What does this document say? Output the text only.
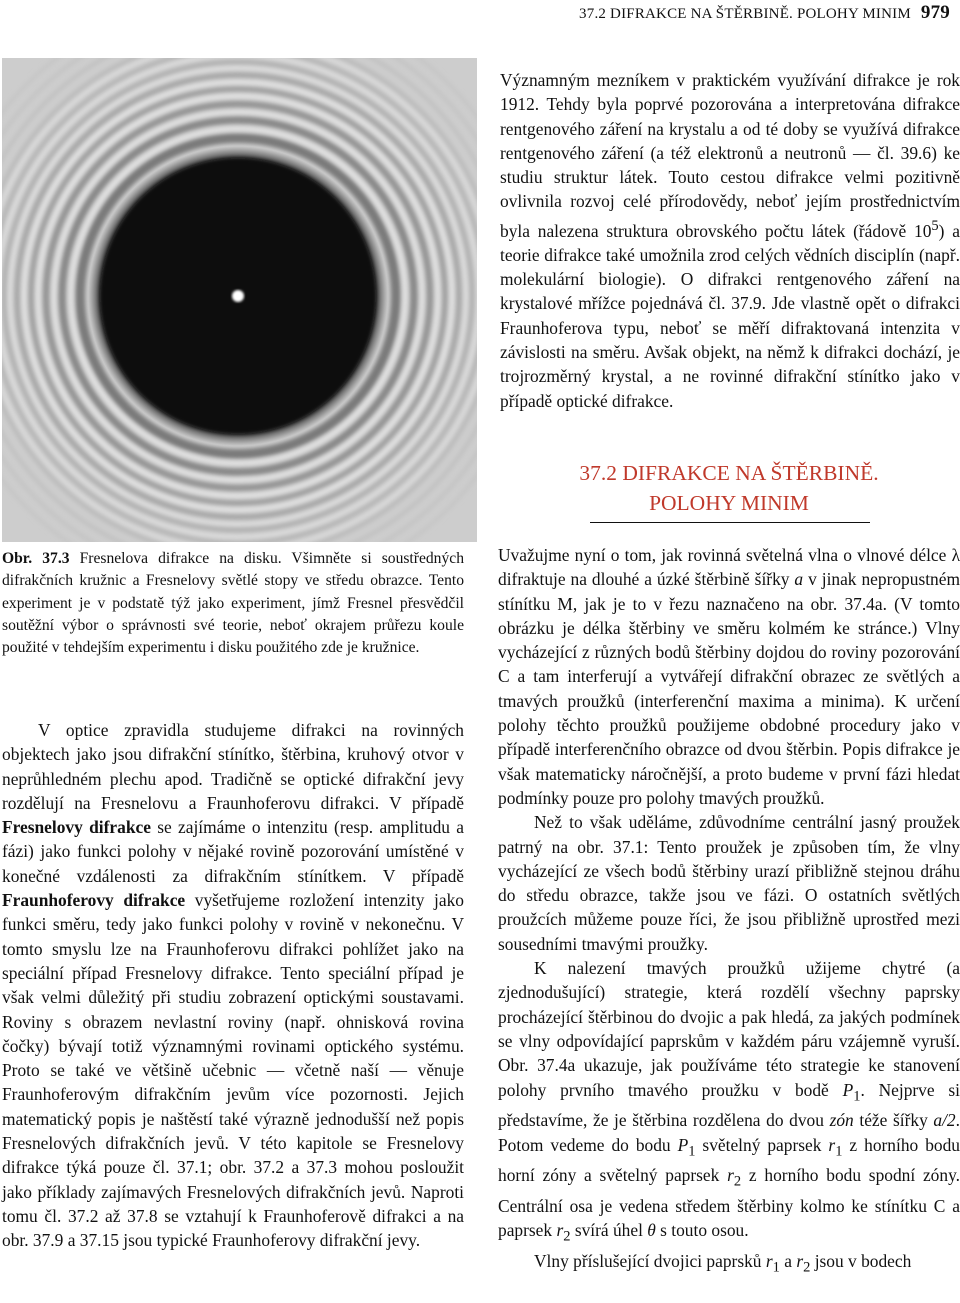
37.2 DIFRAKCE NA ŠTĚRBINĚ. POLOHY MINIM 979
Obr. 37.3 Fresnelova difrakce na disku. Všimněte si soustředných difrakčních kružnic a Fresnelovy světlé stopy ve středu obrazce. Tento experiment je v podstatě týž jako experiment, jímž Fresnel přesvědčil soutěžní výbor o správnosti své teorie, neboť okrajem průřezu koule použité v tehdejším experimentu i disku použitého zde je kružnice.

V optice zpravidla studujeme difrakci na rovinných objektech jako jsou difrakční stínítko, štěrbina, kruhový otvor v neprůhledném plechu apod. Tradičně se optické difrakční jevy rozdělují na Fresnelovu a Fraunhoferovu difrakci. V případě Fresnelovy difrakce se zajímáme o intenzitu (resp. amplitudu a fázi) jako funkci polohy v nějaké rovině pozorování umístěné v konečné vzdálenosti za difrakčním stínítkem. V případě Fraunhoferovy difrakce vyšetřujeme rozložení intenzity jako funkci směru, tedy jako funkci polohy v rovině v nekonečnu. V tomto smyslu lze na Fraunhoferovu difrakci pohlížet jako na speciální případ Fresnelovy difrakce. Tento speciální případ je však velmi důležitý při studiu zobrazení optickými soustavami. Roviny s obrazem nevlastní roviny (např. ohnisková rovina čočky) bývají totiž významnými rovinami optického systému. Proto se také ve většině učebnic — včetně naší — věnuje Fraunhoferovým difrakčním jevům více pozornosti. Jejich matematický popis je naštěstí také výrazně jednodušší než popis Fresnelových difrakčních jevů. V této kapitole se Fresnelovy difrakce týká pouze čl. 37.1; obr. 37.2 a 37.3 mohou posloužit jako příklady zajímavých Fresnelových difrakčních jevů. Naproti tomu čl. 37.2 až 37.8 se vztahují k Fraunhoferově difrakci a na obr. 37.9 a 37.15 jsou typické Fraunhoferovy difrakční jevy.

Významným mezníkem v praktickém využívání difrakce je rok 1912. Tehdy byla poprvé pozorována a interpretována difrakce rentgenového záření na krystalu a od té doby se využívá difrakce rentgenového záření (a též elektronů a neutronů — čl. 39.6) ke studiu struktur látek. Touto cestou difrakce velmi pozitivně ovlivnila rozvoj celé přírodovědy, neboť jejím prostřednictvím byla nalezena struktura obrovského počtu látek (řádově $10^5$) a teorie difrakce také umožnila zrod celých vědních disciplín (např. molekulární biologie). O difrakci rentgenového záření na krystalové mřížce pojednává čl. 37.9. Jde vlastně opět o difrakci Fraunhoferova typu, neboť se měří difraktovaná intenzita v závislosti na směru. Avšak objekt, na němž k difrakci dochází, je trojrozměrný krystal, a ne rovinné difrakční stínítko jako v případě optické difrakce.

37.2 DIFRAKCE NA ŠTĚRBINĚ.
POLOHY MINIM

Uvažujme nyní o tom, jak rovinná světelná vlna o vlnové délce λ difraktuje na dlouhé a úzké štěrbině šířky a v jinak nepropustném stínítku M, jak je to v řezu naznačeno na obr. 37.4a. (V tomto obrázku je délka štěrbiny ve směru kolmém ke stránce.) Vlny vycházející z různých bodů štěrbiny dojdou do roviny pozorování C a tam interferují a vytvářejí difrakční obrazec ze světlých a tmavých proužků (interferenční maxima a minima). K určení polohy těchto proužků použijeme obdobné procedury jako v případě interferenčního obrazce od dvou štěrbin. Popis difrakce je však matematicky náročnější, a proto budeme v první fázi hledat podmínky pouze pro polohy tmavých proužků.

Než to však uděláme, zdůvodníme centrální jasný proužek patrný na obr. 37.1: Tento proužek je způsoben tím, že vlny vycházející ze všech bodů štěrbiny urazí přibližně stejnou dráhu do středu obrazce, takže jsou ve fázi. O ostatních světlých proužcích můžeme pouze říci, že jsou přibližně uprostřed mezi sousedními tmavými proužky.

K nalezení tmavých proužků užijeme chytré (a zjednodušující) strategie, která rozdělí všechny paprsky procházející štěrbinou do dvojic a pak hledá, za jakých podmínek se vlny odpovídající paprskům v každém páru vzájemně vyruší. Obr. 37.4a ukazuje, jak používáme této strategie ke stanovení polohy prvního tmavého proužku v bodě $P_1$. Nejprve si představíme, že je štěrbina rozdělena do dvou zón téže šířky a/2. Potom vedeme do bodu $P_1$ světelný paprsek $r_1$ z horního bodu horní zóny a světelný paprsek $r_2$ z horního bodu spodní zóny. Centrální osa je vedena středem štěrbiny kolmo ke stínítku C a paprsek $r_2$ svírá úhel θ s touto osou.

Vlny příslušející dvojici paprsků $r_1$ a $r_2$ jsou v bodech
